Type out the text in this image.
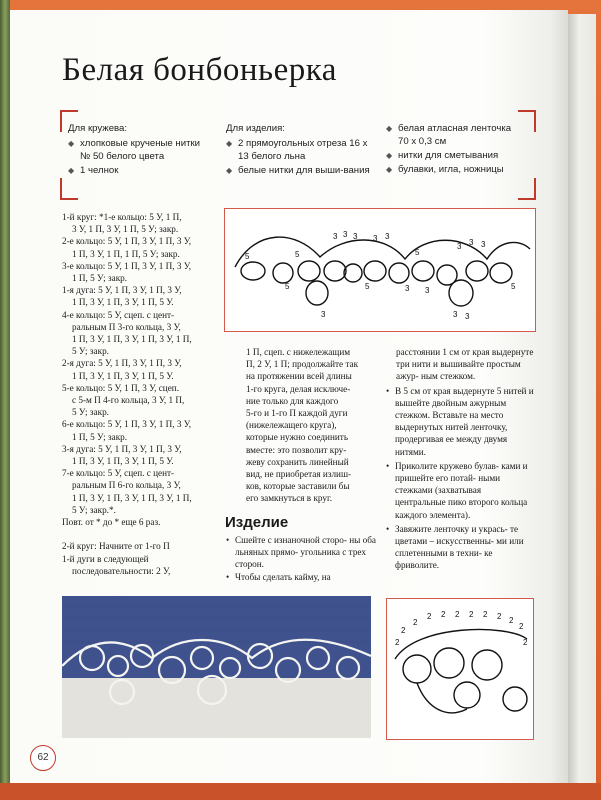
Белая бонбоньерка

Для кружева:

◆ хлопковые крученые нитки № 50 белого цвета
◆ 1 челнок

Для изделия:

◆ 2 прямоугольных отреза 16 х 13 белого льна
◆ белые нитки для выши-вания
◆ белая атласная ленточка 70 х 0,3 см
◆ нитки для сметывания
◆ булавки, игла, ножницы

1-й круг: *1-е кольцо: 5 У, 1 П,

3 У, 1 П, 3 У, 1 П, 5 У; закр.

2-е кольцо: 5 У, 1 П, 3 У, 1 П, 3 У,

1 П, 3 У, 1 П, 1 П, 5 У; закр.

3-е кольцо: 5 У, 1 П, 3 У, 1 П, 3 У,

1 П, 5 У; закр.

1-я дуга: 5 У, 1 П, 3 У, 1 П, 3 У,

1 П, 3 У, 1 П, 3 У, 1 П, 5 У.

4-е кольцо: 5 У, сцеп. с цент-

ральным П 3-го кольца, 3 У,

1 П, 3 У, 1 П, 3 У, 1 П, 3 У, 1 П,

5 У; закр.

2-я дуга: 5 У, 1 П, 3 У, 1 П, 3 У,

1 П, 3 У, 1 П, 3 У, 1 П, 5 У.

5-е кольцо: 5 У, 1 П, 3 У, сцеп.

с 5-м П 4-го кольца, 3 У, 1 П,

5 У; закр.

6-е кольцо: 5 У, 1 П, 3 У, 1 П, 3 У,

1 П, 5 У; закр.

3-я дуга: 5 У, 1 П, 3 У, 1 П, 3 У,

1 П, 3 У, 1 П, 3 У, 1 П, 5 У.

7-е кольцо: 5 У, сцеп. с цент-

ральным П 6-го кольца, 3 У,

1 П, 3 У, 1 П, 3 У, 1 П, 3 У, 1 П,

5 У; закр.*.

Повт. от * до * еще 6 раз.

2-й круг: Начните от 1-го П

1-й дуги в следующей

последовательности: 2 У,

3 3 3 3 3
5	5
3 3 3
3
5
3 3
5	5
3 3
5

1 П, сцеп. с нижележащим

П, 2 У, 1 П; продолжайте так

на протяжении всей длины

1-го круга, делая исключе-

ние только для каждого

5-го и 1-го П каждой дуги

(нижележащего круга),

которые нужно соединить

вместе: это позволит кру-

жеву сохранить линейный

вид, не приобретая излиш-

ков, которые заставили бы

его замкнуться в круг.

Изделие

• Сшейте с изнаночной сторо- ны оба льняных прямо- угольника с трех сторон.

• Чтобы сделать кайму, на

расстоянии 1 см от края выдернуте три нити и вышивайте простым ажур- ным стежком.

• В 5 см от края выдернуте 5 нитей и вышейте двойным ажурным стежком. Вставьте на место выдернутых нитей ленточку, продергивая ее между двумя нитями.

• Приколите кружево булав- ками и пришейте его потай- ными стежками (захватывая центральные пико второго кольца каждого элемента).

• Завяжите ленточку и укрась- те цветами – искусственны- ми или сплетенными в техни- ке фриволите.

2
2
2 2 2 2 2 2 2
2
2	2
62
